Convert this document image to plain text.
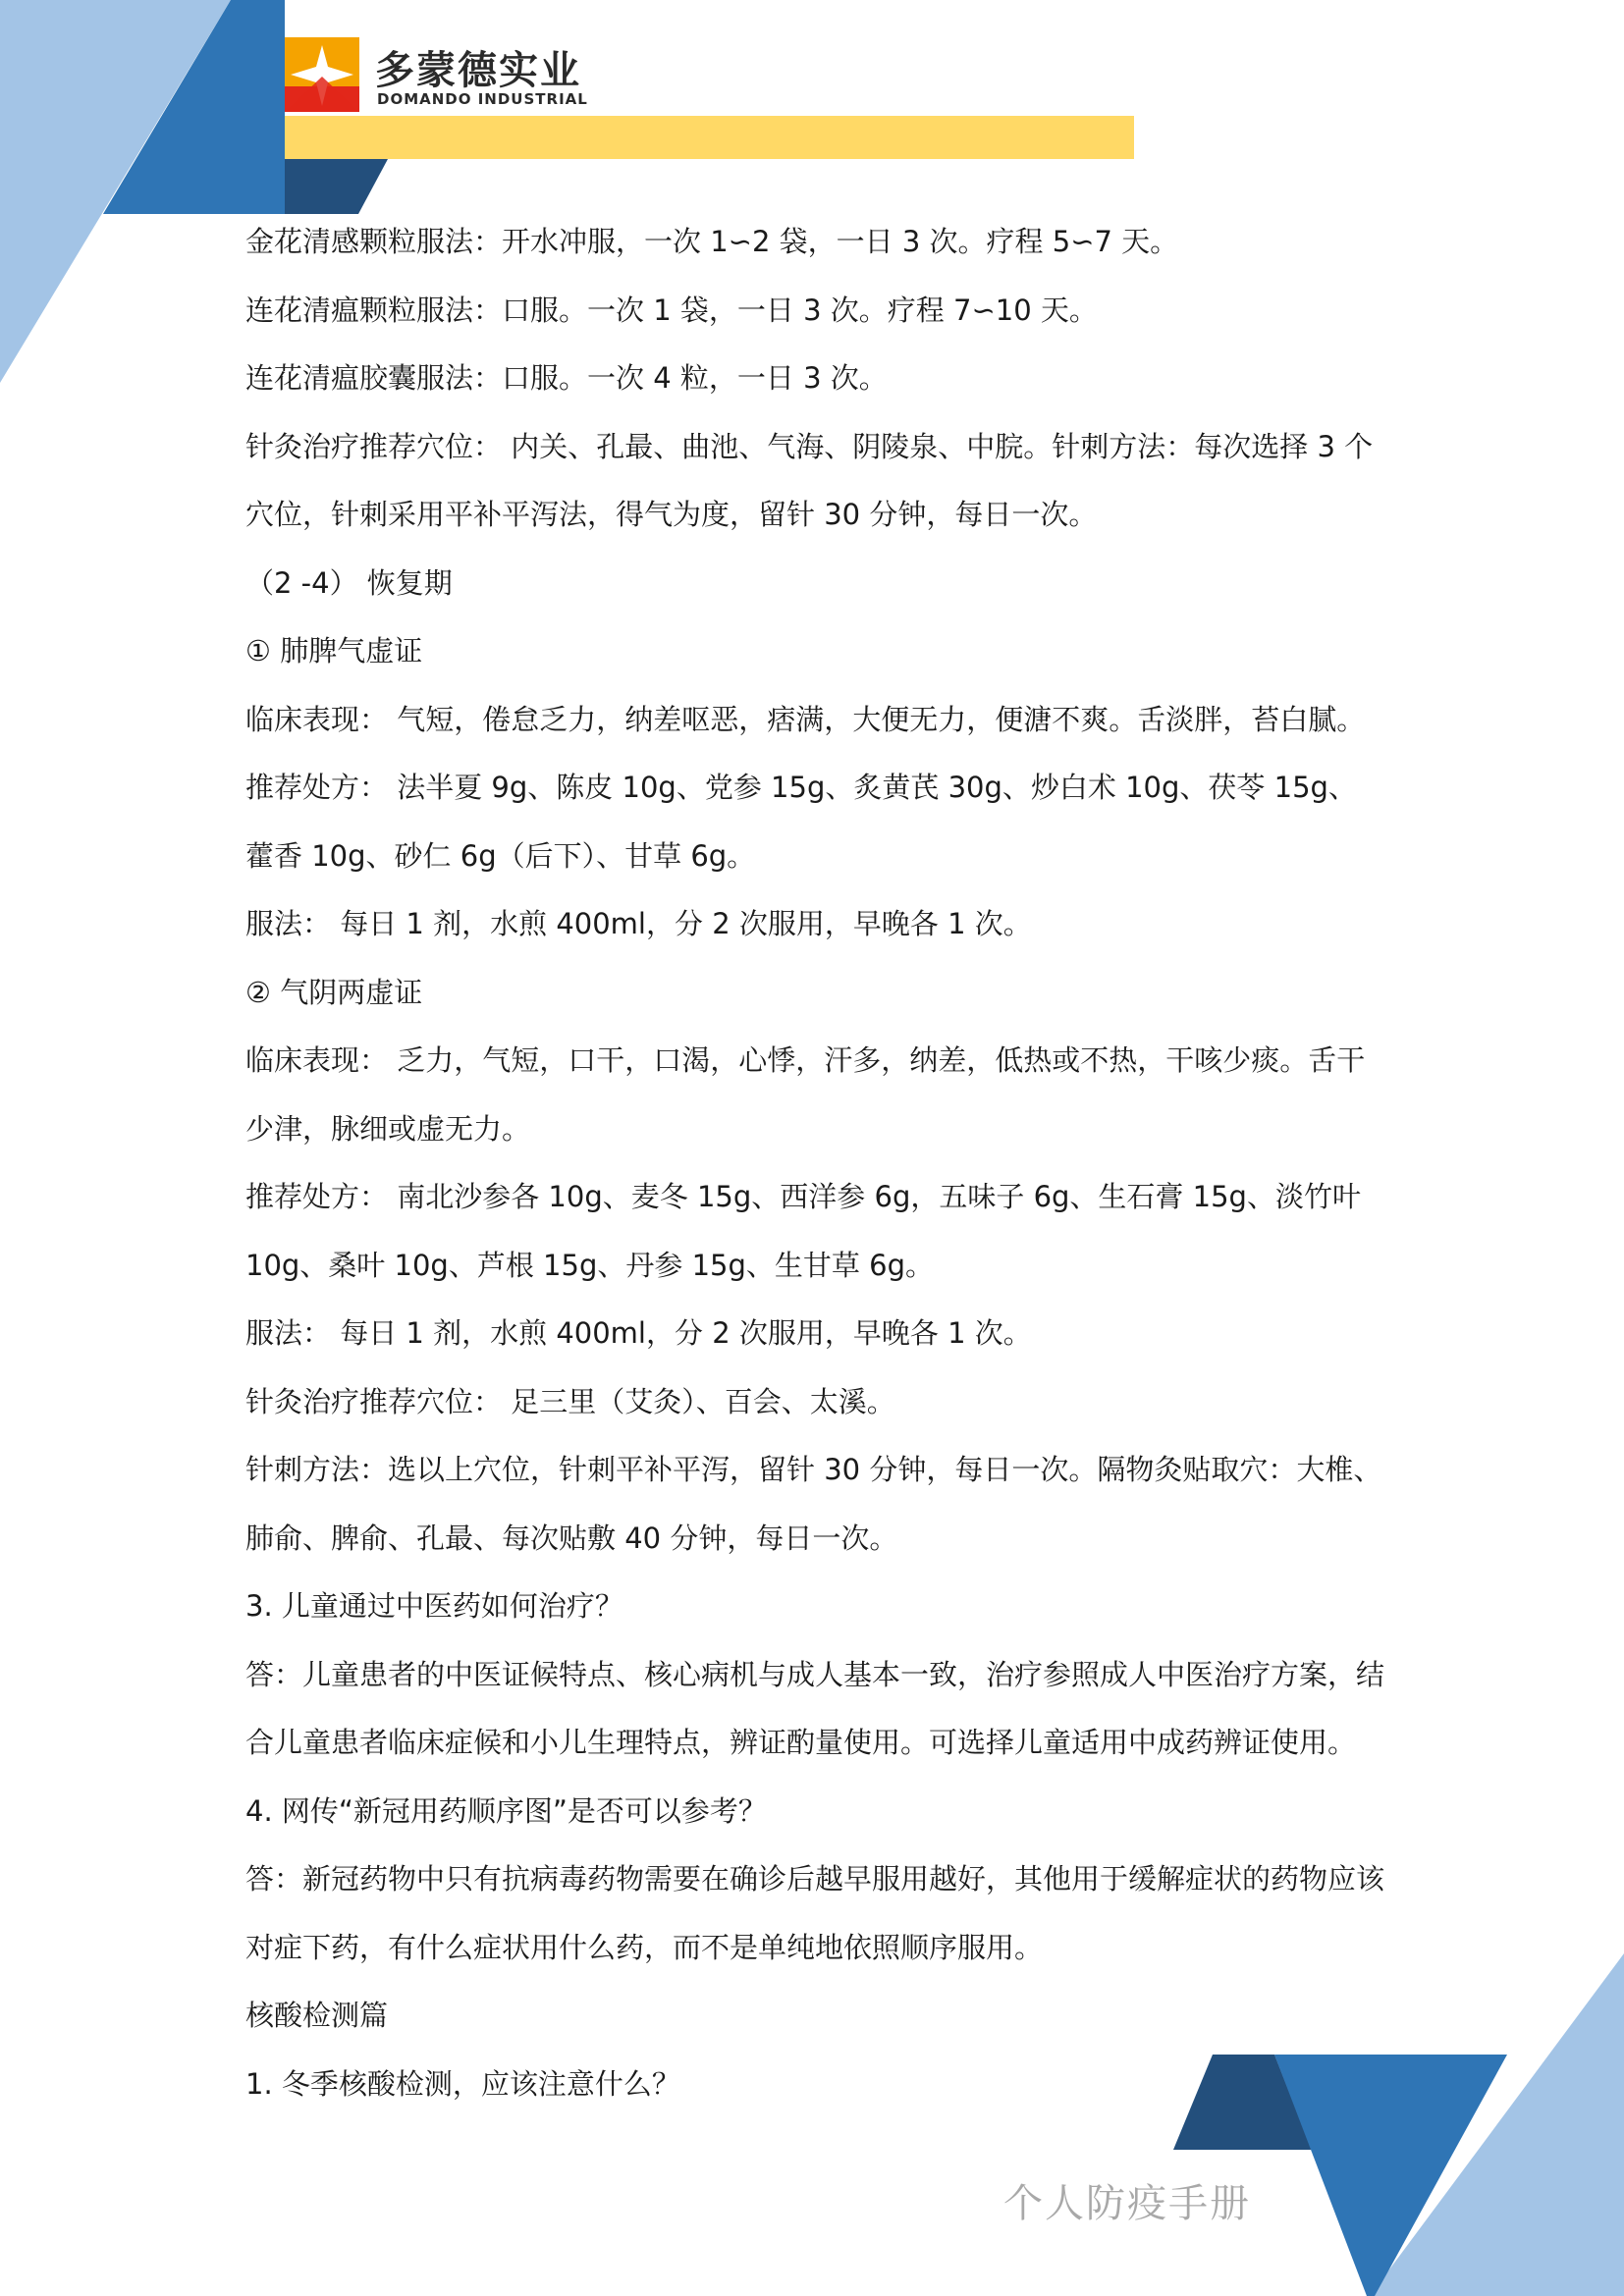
多蒙德实业
DOMANDO INDUSTRIAL

金花清感颗粒服法：开水冲服，一次 1∽2 袋，一日 3 次。疗程 5∽7 天。

连花清瘟颗粒服法：口服。一次 1 袋，一日 3 次。疗程 7∽10 天。

连花清瘟胶囊服法：口服。一次 4 粒，一日 3 次。

针灸治疗推荐穴位： 内关、孔最、曲池、气海、阴陵泉、中脘。针刺方法：每次选择 3 个

穴位，针刺采用平补平泻法，得气为度，留针 30 分钟，每日一次。

（2 -4） 恢复期

① 肺脾气虚证

临床表现： 气短，倦怠乏力，纳差呕恶，痞满，大便无力，便溏不爽。舌淡胖，苔白腻。

推荐处方： 法半夏 9g、陈皮 10g、党参 15g、炙黄芪 30g、炒白术 10g、茯苓 15g、

藿香 10g、砂仁 6g（后下）、甘草 6g。

服法： 每日 1 剂，水煎 400ml，分 2 次服用，早晚各 1 次。

② 气阴两虚证

临床表现： 乏力，气短，口干，口渴，心悸，汗多，纳差，低热或不热，干咳少痰。舌干

少津，脉细或虚无力。

推荐处方： 南北沙参各 10g、麦冬 15g、西洋参 6g，五味子 6g、生石膏 15g、淡竹叶

10g、桑叶 10g、芦根 15g、丹参 15g、生甘草 6g。

服法： 每日 1 剂，水煎 400ml，分 2 次服用，早晚各 1 次。

针灸治疗推荐穴位： 足三里（艾灸）、百会、太溪。

针刺方法：选以上穴位，针刺平补平泻，留针 30 分钟，每日一次。隔物灸贴取穴：大椎、

肺俞、脾俞、孔最、每次贴敷 40 分钟，每日一次。

3. 儿童通过中医药如何治疗？

答：儿童患者的中医证候特点、核心病机与成人基本一致，治疗参照成人中医治疗方案，结

合儿童患者临床症候和小儿生理特点，辨证酌量使用。可选择儿童适用中成药辨证使用。

4. 网传“新冠用药顺序图”是否可以参考？

答：新冠药物中只有抗病毒药物需要在确诊后越早服用越好，其他用于缓解症状的药物应该

对症下药，有什么症状用什么药，而不是单纯地依照顺序服用。

核酸检测篇

1. 冬季核酸检测，应该注意什么？

个人防疫手册
